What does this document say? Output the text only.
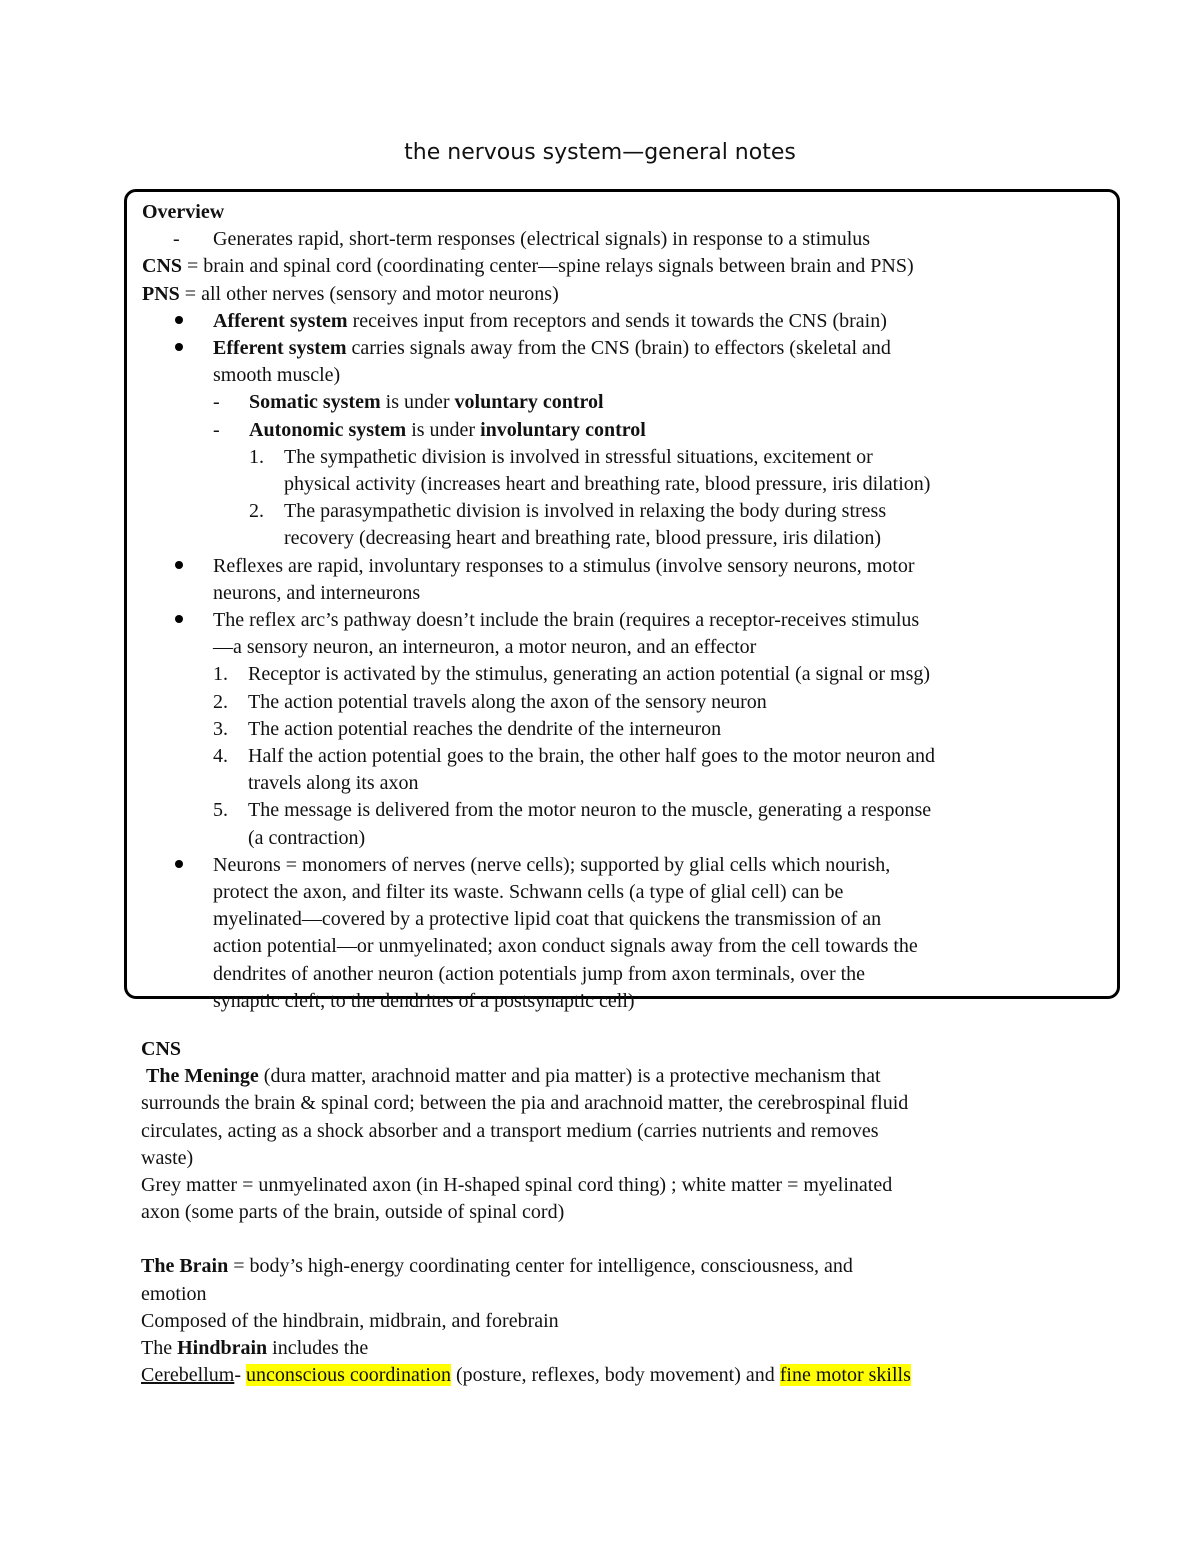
the nervous system—general notes
Overview
- Generates rapid, short-term responses (electrical signals) in response to a stimulus
CNS = brain and spinal cord (coordinating center—spine relays signals between brain and PNS)
PNS = all other nerves (sensory and motor neurons)
Afferent system receives input from receptors and sends it towards the CNS (brain)
Efferent system carries signals away from the CNS (brain) to effectors (skeletal and
smooth muscle)
- Somatic system is under voluntary control
- Autonomic system is under involuntary control
1. The sympathetic division is involved in stressful situations, excitement or
physical activity (increases heart and breathing rate, blood pressure, iris dilation)
2. The parasympathetic division is involved in relaxing the body during stress
recovery (decreasing heart and breathing rate, blood pressure, iris dilation)
Reflexes are rapid, involuntary responses to a stimulus (involve sensory neurons, motor
neurons, and interneurons
The reflex arc’s pathway doesn’t include the brain (requires a receptor-receives stimulus
—a sensory neuron, an interneuron, a motor neuron, and an effector
1. Receptor is activated by the stimulus, generating an action potential (a signal or msg)
2. The action potential travels along the axon of the sensory neuron
3. The action potential reaches the dendrite of the interneuron
4. Half the action potential goes to the brain, the other half goes to the motor neuron and
travels along its axon
5. The message is delivered from the motor neuron to the muscle, generating a response
(a contraction)
Neurons = monomers of nerves (nerve cells); supported by glial cells which nourish,
protect the axon, and filter its waste. Schwann cells (a type of glial cell) can be
myelinated—covered by a protective lipid coat that quickens the transmission of an
action potential—or unmyelinated; axon conduct signals away from the cell towards the
dendrites of another neuron (action potentials jump from axon terminals, over the
synaptic cleft, to the dendrites of a postsynaptic cell)
CNS
The Meninge (dura matter, arachnoid matter and pia matter) is a protective mechanism that
surrounds the brain & spinal cord; between the pia and arachnoid matter, the cerebrospinal fluid
circulates, acting as a shock absorber and a transport medium (carries nutrients and removes
waste)
Grey matter = unmyelinated axon (in H-shaped spinal cord thing) ; white matter = myelinated
axon (some parts of the brain, outside of spinal cord)
The Brain = body’s high-energy coordinating center for intelligence, consciousness, and
emotion
Composed of the hindbrain, midbrain, and forebrain
The Hindbrain includes the
Cerebellum- unconscious coordination (posture, reflexes, body movement) and fine motor skills
